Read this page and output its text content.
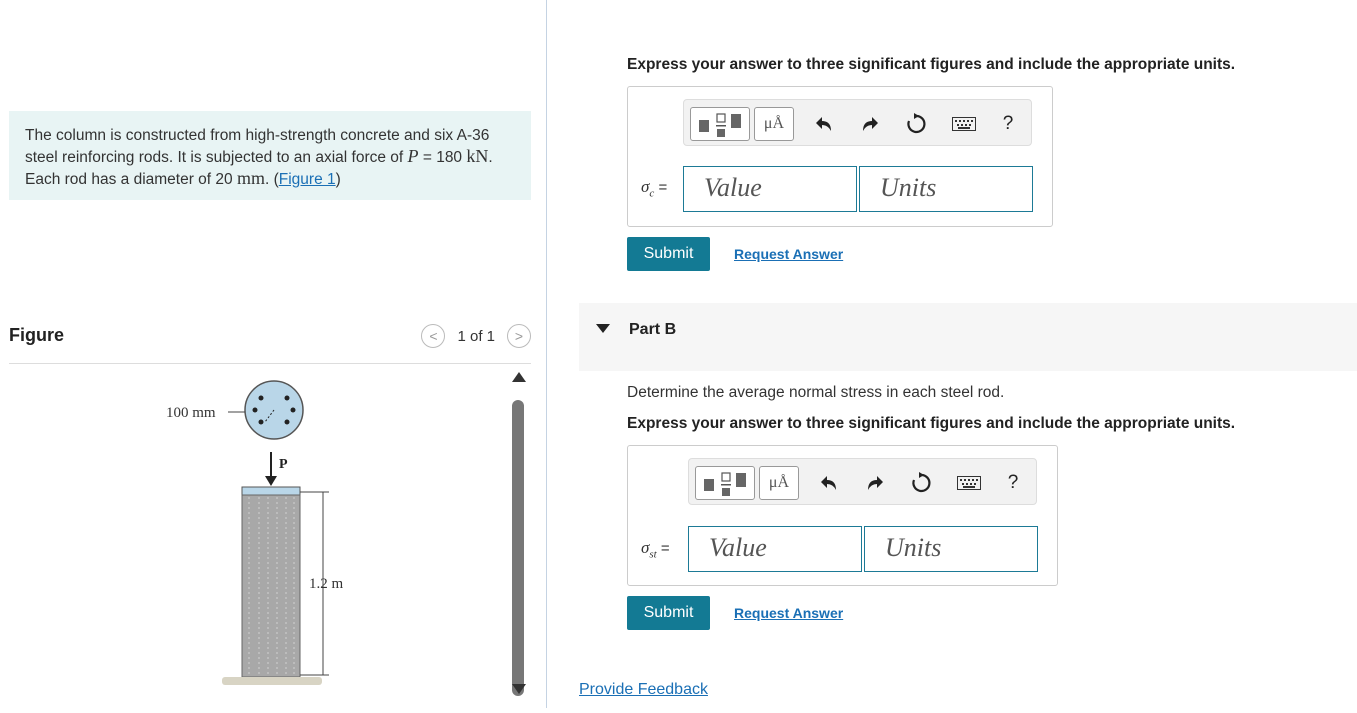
The column is constructed from high-strength concrete and six A-36
steel reinforcing rods. It is subjected to an axial force of P = 180 kN.
Each rod has a diameter of 20 mm. (Figure 1)
Figure	< 1 of 1 >
100 mm
P
1.2 m
Express your answer to three significant figures and include the appropriate units.
μÅ	?
$\sigma_c$ =	Value	Units
Submit	Request Answer
Part B
Determine the average normal stress in each steel rod.
Express your answer to three significant figures and include the appropriate units.
μÅ	?
$\sigma_{st}$ =	Value	Units
Submit	Request Answer
Provide Feedback
